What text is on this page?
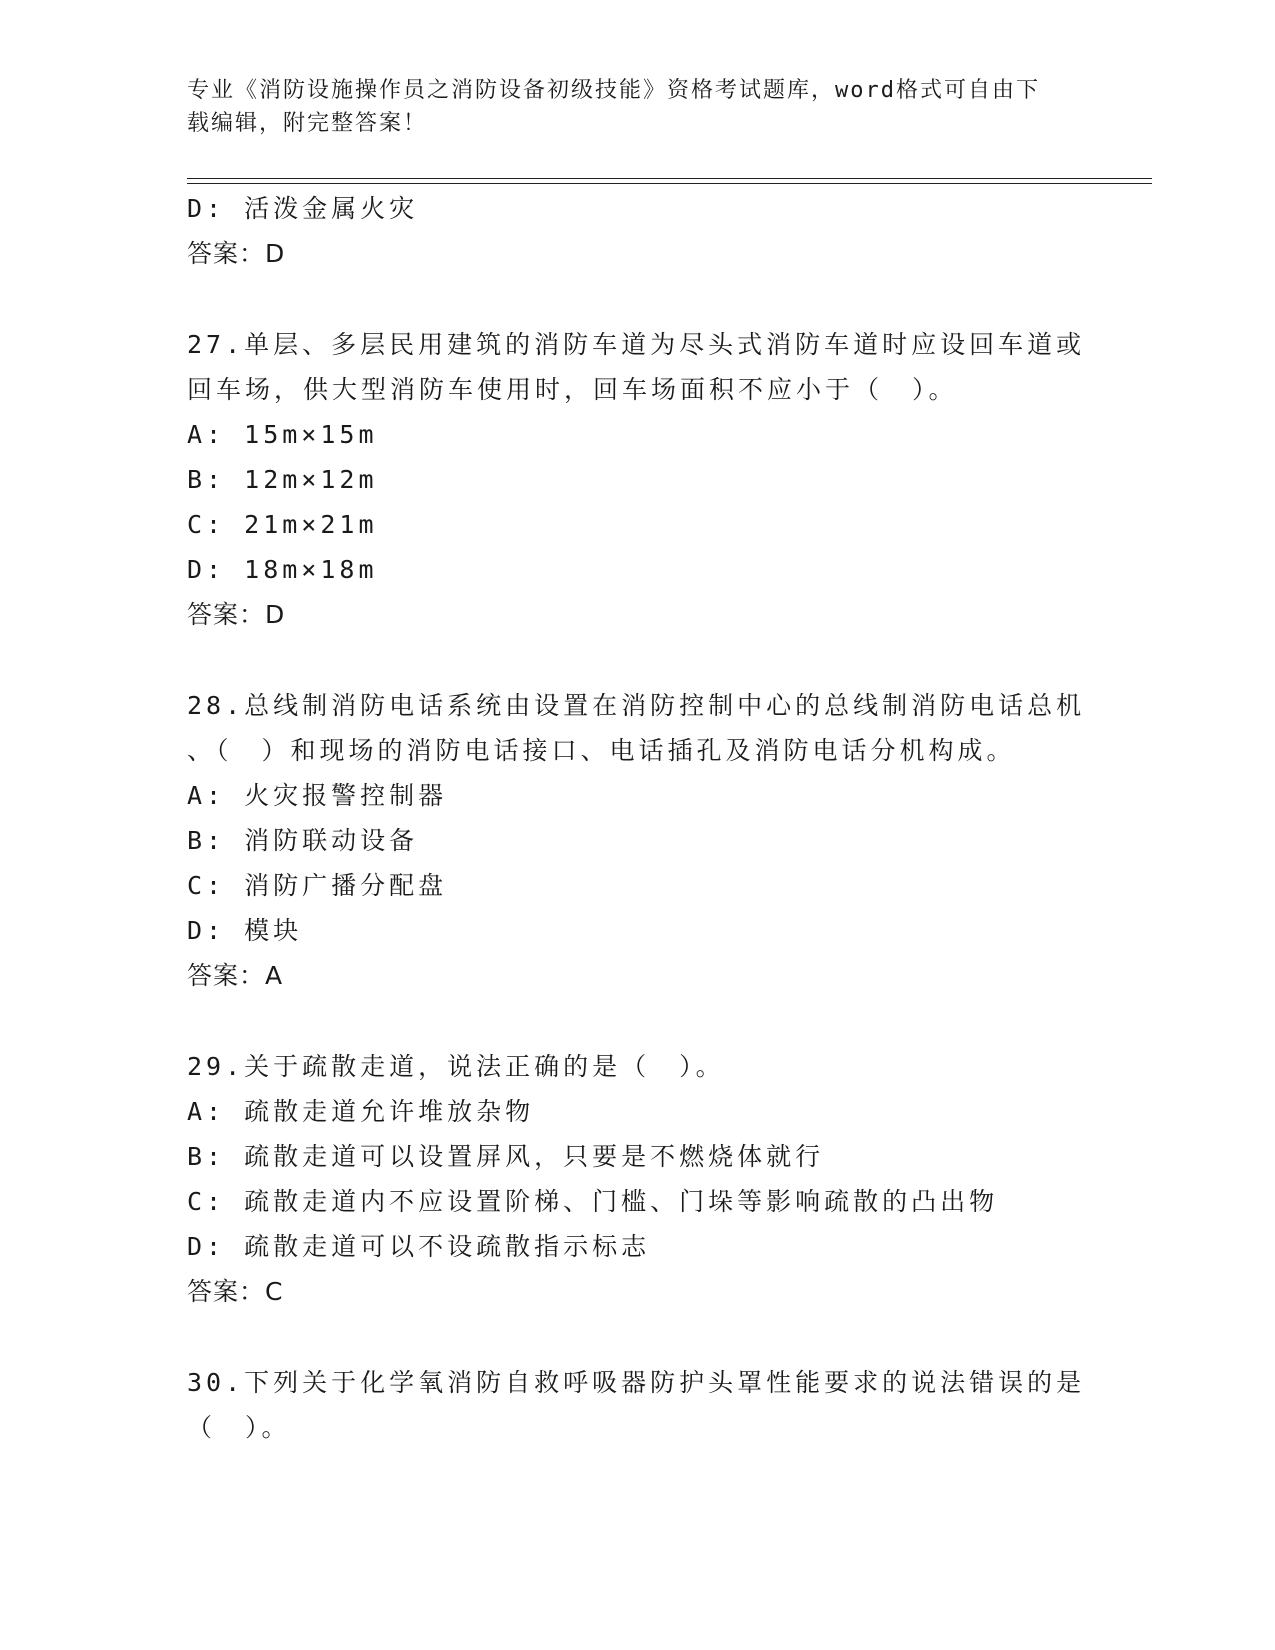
专业《消防设施操作员之消防设备初级技能》资格考试题库，word格式可自由下
载编辑，附完整答案！
D: 活泼金属火灾
答案：D
27.单层、多层民用建筑的消防车道为尽头式消防车道时应设回车道或
回车场，供大型消防车使用时，回车场面积不应小于（　）。
A: 15m×15m
B: 12m×12m
C: 21m×21m
D: 18m×18m
答案：D
28.总线制消防电话系统由设置在消防控制中心的总线制消防电话总机
、（　）和现场的消防电话接口、电话插孔及消防电话分机构成。
A: 火灾报警控制器
B: 消防联动设备
C: 消防广播分配盘
D: 模块
答案：A
29.关于疏散走道，说法正确的是（　）。
A: 疏散走道允许堆放杂物
B: 疏散走道可以设置屏风，只要是不燃烧体就行
C: 疏散走道内不应设置阶梯、门槛、门垛等影响疏散的凸出物
D: 疏散走道可以不设疏散指示标志
答案：C
30.下列关于化学氧消防自救呼吸器防护头罩性能要求的说法错误的是
（　）。
